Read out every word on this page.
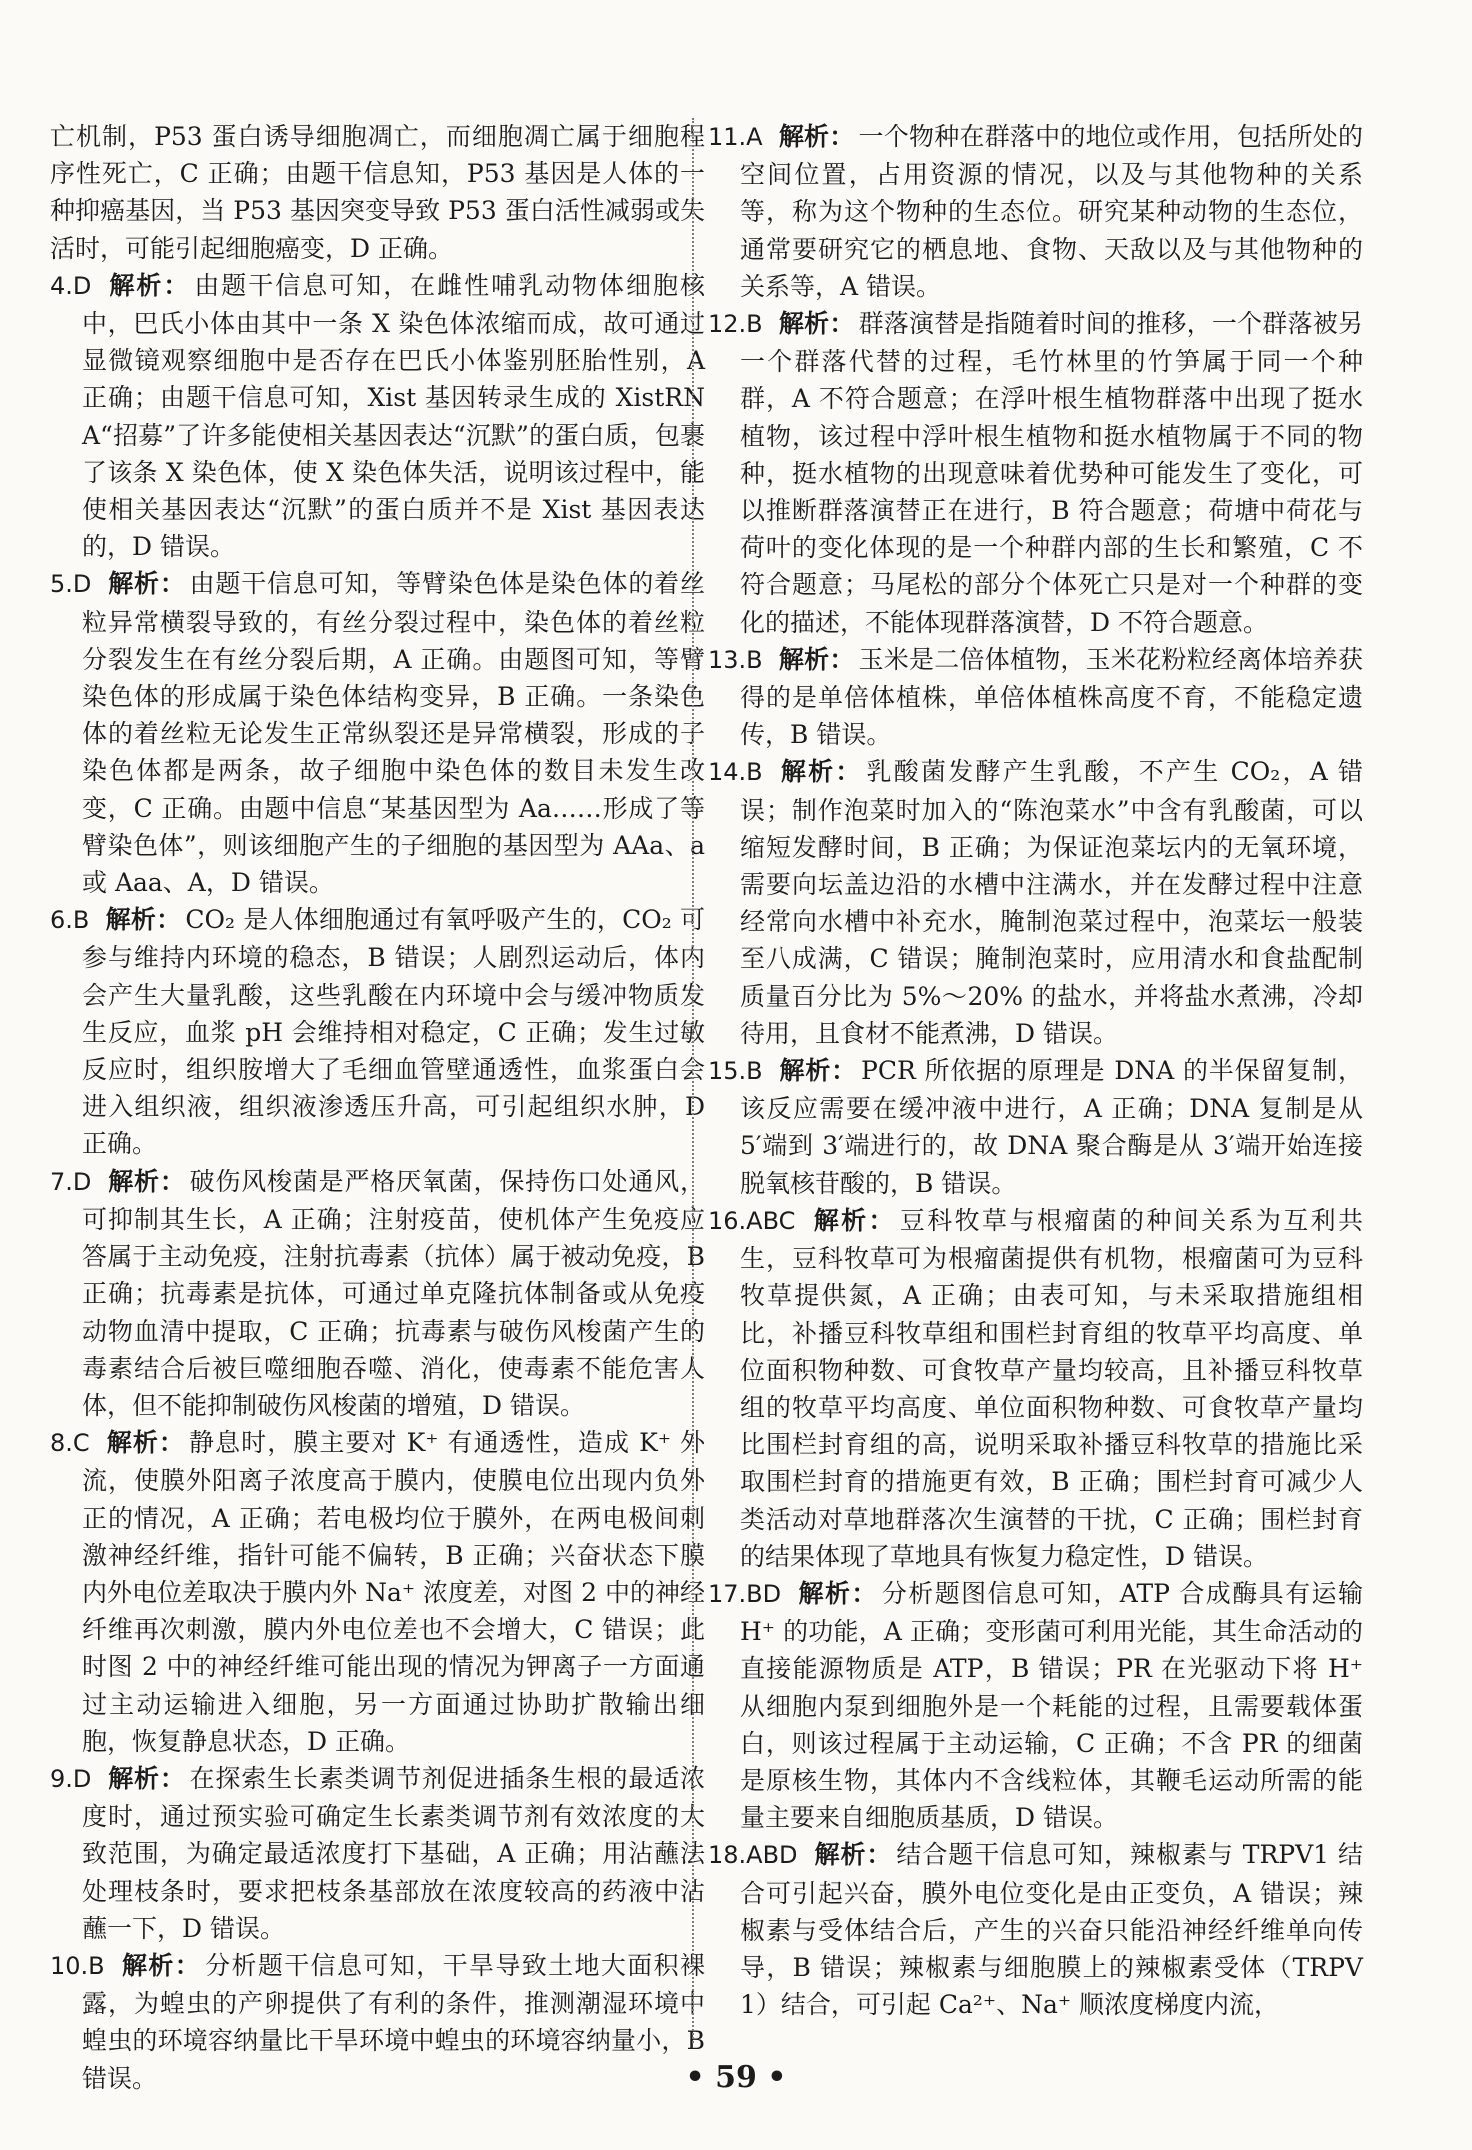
亡机制，P53 蛋白诱导细胞凋亡，而细胞凋亡属于细胞程序性死亡，C 正确；由题干信息知，P53 基因是人体的一种抑癌基因，当 P53 基因突变导致 P53 蛋白活性减弱或失活时，可能引起细胞癌变，D 正确。

4.D 解析： 由题干信息可知，在雌性哺乳动物体细胞核中，巴氏小体由其中一条 X 染色体浓缩而成，故可通过显微镜观察细胞中是否存在巴氏小体鉴别胚胎性别，A 正确；由题干信息可知，Xist 基因转录生成的 XistRNA“招募”了许多能使相关基因表达“沉默”的蛋白质，包裹了该条 X 染色体，使 X 染色体失活，说明该过程中，能使相关基因表达“沉默”的蛋白质并不是 Xist 基因表达的，D 错误。

5.D 解析： 由题干信息可知，等臂染色体是染色体的着丝粒异常横裂导致的，有丝分裂过程中，染色体的着丝粒分裂发生在有丝分裂后期，A 正确。由题图可知，等臂染色体的形成属于染色体结构变异，B 正确。一条染色体的着丝粒无论发生正常纵裂还是异常横裂，形成的子染色体都是两条，故子细胞中染色体的数目未发生改变，C 正确。由题中信息“某基因型为 Aa……形成了等臂染色体”，则该细胞产生的子细胞的基因型为 AAa、a 或 Aaa、A，D 错误。

6.B 解析： CO₂ 是人体细胞通过有氧呼吸产生的，CO₂ 可参与维持内环境的稳态，B 错误；人剧烈运动后，体内会产生大量乳酸，这些乳酸在内环境中会与缓冲物质发生反应，血浆 pH 会维持相对稳定，C 正确；发生过敏反应时，组织胺增大了毛细血管壁通透性，血浆蛋白会进入组织液，组织液渗透压升高，可引起组织水肿，D 正确。

7.D 解析： 破伤风梭菌是严格厌氧菌，保持伤口处通风，可抑制其生长，A 正确；注射疫苗，使机体产生免疫应答属于主动免疫，注射抗毒素（抗体）属于被动免疫，B 正确；抗毒素是抗体，可通过单克隆抗体制备或从免疫动物血清中提取，C 正确；抗毒素与破伤风梭菌产生的毒素结合后被巨噬细胞吞噬、消化，使毒素不能危害人体，但不能抑制破伤风梭菌的增殖，D 错误。

8.C 解析： 静息时，膜主要对 K⁺ 有通透性，造成 K⁺ 外流，使膜外阳离子浓度高于膜内，使膜电位出现内负外正的情况，A 正确；若电极均位于膜外，在两电极间刺激神经纤维，指针可能不偏转，B 正确；兴奋状态下膜内外电位差取决于膜内外 Na⁺ 浓度差，对图 2 中的神经纤维再次刺激，膜内外电位差也不会增大，C 错误；此时图 2 中的神经纤维可能出现的情况为钾离子一方面通过主动运输进入细胞，另一方面通过协助扩散输出细胞，恢复静息状态，D 正确。

9.D 解析： 在探索生长素类调节剂促进插条生根的最适浓度时，通过预实验可确定生长素类调节剂有效浓度的大致范围，为确定最适浓度打下基础，A 正确；用沾蘸法处理枝条时，要求把枝条基部放在浓度较高的药液中沾蘸一下，D 错误。

10.B 解析： 分析题干信息可知，干旱导致土地大面积裸露，为蝗虫的产卵提供了有利的条件，推测潮湿环境中蝗虫的环境容纳量比干旱环境中蝗虫的环境容纳量小，B 错误。

11.A 解析： 一个物种在群落中的地位或作用，包括所处的空间位置，占用资源的情况，以及与其他物种的关系等，称为这个物种的生态位。研究某种动物的生态位，通常要研究它的栖息地、食物、天敌以及与其他物种的关系等，A 错误。

12.B 解析： 群落演替是指随着时间的推移，一个群落被另一个群落代替的过程，毛竹林里的竹笋属于同一个种群，A 不符合题意；在浮叶根生植物群落中出现了挺水植物，该过程中浮叶根生植物和挺水植物属于不同的物种，挺水植物的出现意味着优势种可能发生了变化，可以推断群落演替正在进行，B 符合题意；荷塘中荷花与荷叶的变化体现的是一个种群内部的生长和繁殖，C 不符合题意；马尾松的部分个体死亡只是对一个种群的变化的描述，不能体现群落演替，D 不符合题意。

13.B 解析： 玉米是二倍体植物，玉米花粉粒经离体培养获得的是单倍体植株，单倍体植株高度不育，不能稳定遗传，B 错误。

14.B 解析： 乳酸菌发酵产生乳酸，不产生 CO₂，A 错误；制作泡菜时加入的“陈泡菜水”中含有乳酸菌，可以缩短发酵时间，B 正确；为保证泡菜坛内的无氧环境，需要向坛盖边沿的水槽中注满水，并在发酵过程中注意经常向水槽中补充水，腌制泡菜过程中，泡菜坛一般装至八成满，C 错误；腌制泡菜时，应用清水和食盐配制质量百分比为 5%～20% 的盐水，并将盐水煮沸，冷却待用，且食材不能煮沸，D 错误。

15.B 解析： PCR 所依据的原理是 DNA 的半保留复制，该反应需要在缓冲液中进行，A 正确；DNA 复制是从 5′端到 3′端进行的，故 DNA 聚合酶是从 3′端开始连接脱氧核苷酸的，B 错误。

16.ABC 解析： 豆科牧草与根瘤菌的种间关系为互利共生，豆科牧草可为根瘤菌提供有机物，根瘤菌可为豆科牧草提供氮，A 正确；由表可知，与未采取措施组相比，补播豆科牧草组和围栏封育组的牧草平均高度、单位面积物种数、可食牧草产量均较高，且补播豆科牧草组的牧草平均高度、单位面积物种数、可食牧草产量均比围栏封育组的高，说明采取补播豆科牧草的措施比采取围栏封育的措施更有效，B 正确；围栏封育可减少人类活动对草地群落次生演替的干扰，C 正确；围栏封育的结果体现了草地具有恢复力稳定性，D 错误。

17.BD 解析： 分析题图信息可知，ATP 合成酶具有运输 H⁺ 的功能，A 正确；变形菌可利用光能，其生命活动的直接能源物质是 ATP，B 错误；PR 在光驱动下将 H⁺ 从细胞内泵到细胞外是一个耗能的过程，且需要载体蛋白，则该过程属于主动运输，C 正确；不含 PR 的细菌是原核生物，其体内不含线粒体，其鞭毛运动所需的能量主要来自细胞质基质，D 错误。

18.ABD 解析： 结合题干信息可知，辣椒素与 TRPV1 结合可引起兴奋，膜外电位变化是由正变负，A 错误；辣椒素与受体结合后，产生的兴奋只能沿神经纤维单向传导，B 错误；辣椒素与细胞膜上的辣椒素受体（TRPV1）结合，可引起 Ca²⁺、Na⁺ 顺浓度梯度内流，

• 59 •
